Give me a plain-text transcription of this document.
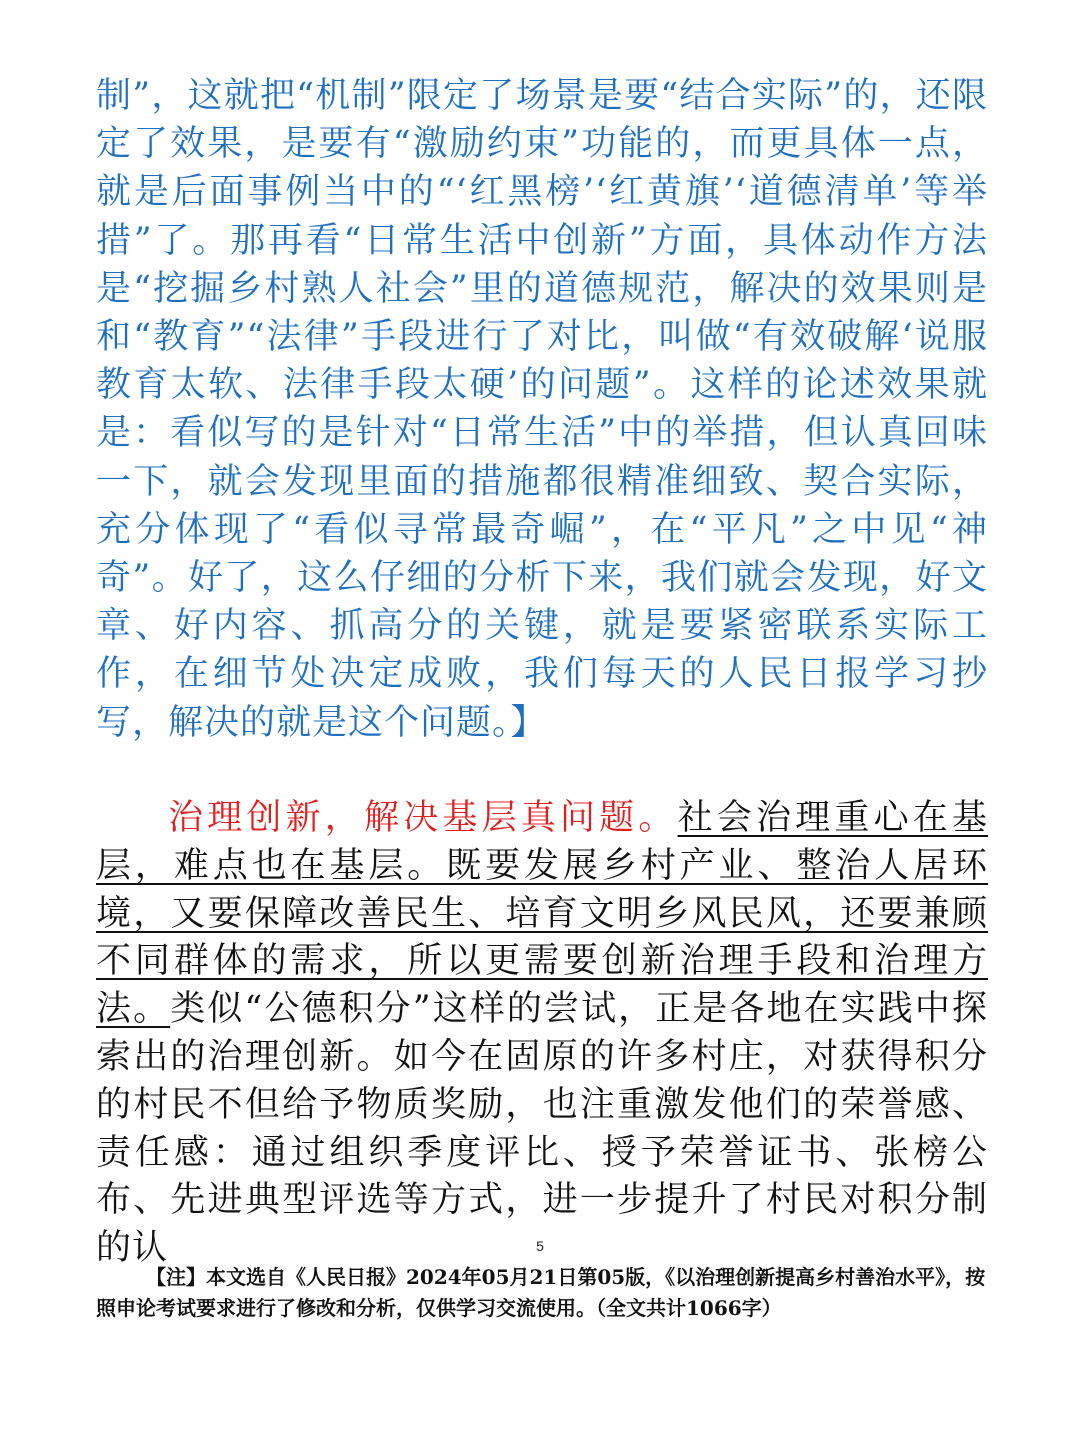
制”，这就把“机制”限定了场景是要“结合实际”的，还限定了效果，是要有“激励约束”功能的，而更具体一点，就是后面事例当中的“‘红黑榜’‘红黄旗’‘道德清单’等举措”了。那再看“日常生活中创新”方面，具体动作方法是“挖掘乡村熟人社会”里的道德规范，解决的效果则是和“教育”“法律”手段进行了对比，叫做“有效破解‘说服教育太软、法律手段太硬’的问题”。这样的论述效果就是：看似写的是针对“日常生活”中的举措，但认真回味一下，就会发现里面的措施都很精准细致、契合实际，充分体现了“看似寻常最奇崛”，在“平凡”之中见“神奇”。好了，这么仔细的分析下来，我们就会发现，好文章、好内容、抓高分的关键，就是要紧密联系实际工作，在细节处决定成败，我们每天的人民日报学习抄写，解决的就是这个问题。】
治理创新，解决基层真问题。社会治理重心在基层，难点也在基层。既要发展乡村产业、整治人居环境，又要保障改善民生、培育文明乡风民风，还要兼顾不同群体的需求，所以更需要创新治理手段和治理方法。类似“公德积分”这样的尝试，正是各地在实践中探索出的治理创新。如今在固原的许多村庄，对获得积分的村民不但给予物质奖励，也注重激发他们的荣誉感、责任感：通过组织季度评比、授予荣誉证书、张榜公布、先进典型评选等方式，进一步提升了村民对积分制的认	5
【注】本文选自《人民日报》2024年05月21日第05版，《以治理创新提高乡村善治水平》，按照申论考试要求进行了修改和分析，仅供学习交流使用。（全文共计1066字）
